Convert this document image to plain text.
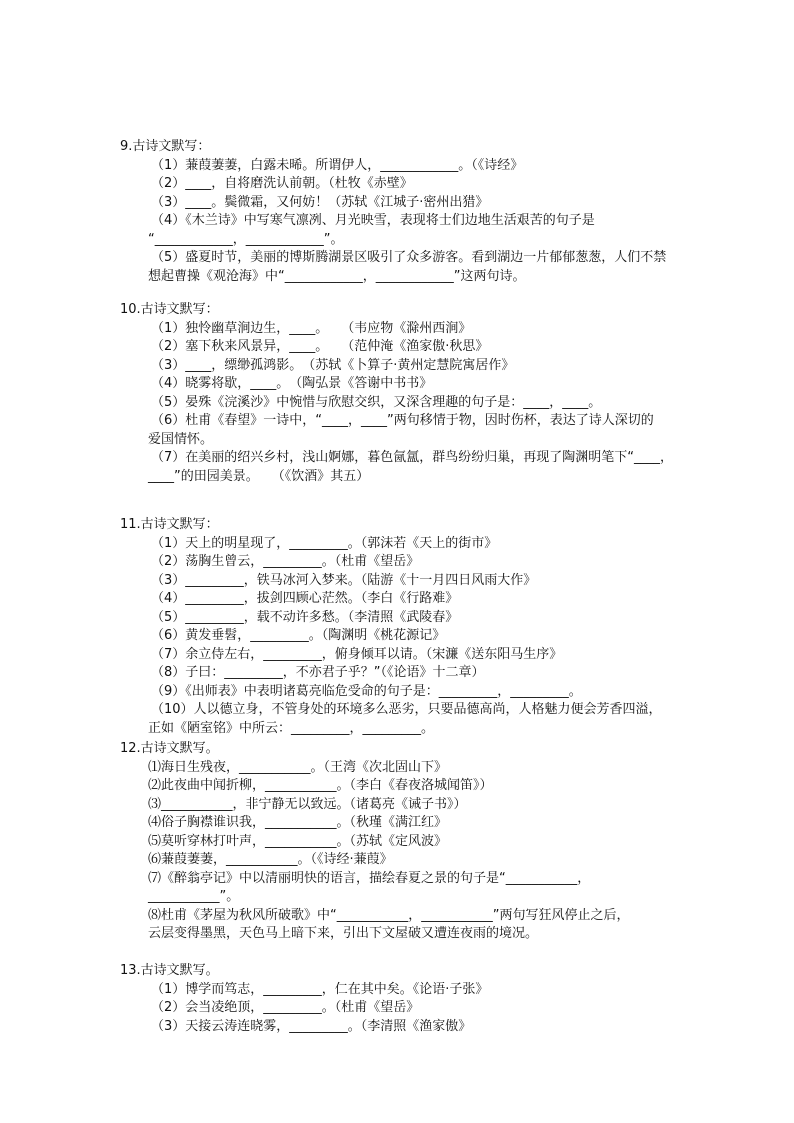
9.古诗文默写：
（1）蒹葭萋萋，白露未晞。所谓伊人，____________。（《诗经》
（2）____，自将磨洗认前朝。（杜牧《赤壁》
（3）____。鬓微霜，又何妨！（苏轼《江城子·密州出猎》
（4）《木兰诗》中写寒气凛冽、月光映雪，表现将士们边地生活艰苦的句子是
“____________，____________”。
（5）盛夏时节，美丽的博斯腾湖景区吸引了众多游客。看到湖边一片郁郁葱葱，人们不禁
想起曹操《观沧海》中“____________，____________”这两句诗。
10.古诗文默写：
（1）独怜幽草涧边生，____。　　（韦应物《滁州西涧》
（2）塞下秋来风景异，____。　　（范仲淹《渔家傲·秋思》
（3）____，缥缈孤鸿影。　（苏轼《卜算子·黄州定慧院寓居作》
（4）晓雾将歇，____。　（陶弘景《答谢中书书》
（5）晏殊《浣溪沙》中惋惜与欣慰交织，又深含理趣的句子是：____，____。
（6）杜甫《春望》一诗中，“____，____”两句移情于物，因时伤杯，表达了诗人深切的
爱国情怀。
（7）在美丽的绍兴乡村，浅山婀娜，暮色氤氲，群鸟纷纷归巢，再现了陶渊明笔下“____，
____”的田园美景。　　（《饮酒》其五）
11.古诗文默写：
（1）天上的明星现了，_________。（郭沫若《天上的街市》
（2）荡胸生曾云，_________。（杜甫《望岳》
（3）_________，铁马冰河入梦来。（陆游《十一月四日风雨大作》
（4）_________，拔剑四顾心茫然。（李白《行路难》
（5）_________，载不动许多愁。（李清照《武陵春》
（6）黄发垂髫，_________。（陶渊明《桃花源记》
（7）余立侍左右，_________，俯身倾耳以请。（宋濂《送东阳马生序》
（8）子曰：_________，不亦君子乎？”（《论语》十二章）
（9）《出师表》中表明诸葛亮临危受命的句子是：_________，_________。
（10）人以德立身，不管身处的环境多么恶劣，只要品德高尚，人格魅力便会芳香四溢，
正如《陋室铭》中所云：_________，_________。
12.古诗文默写。
⑴海日生残夜，___________。（王湾《次北固山下》
⑵此夜曲中闻折柳，___________。（李白《春夜洛城闻笛》）
⑶___________，非宁静无以致远。（诸葛亮《诫子书》）
⑷俗子胸襟谁识我，___________。（秋瑾《满江红》
⑸莫听穿林打叶声，___________。（苏轼《定风波》
⑹蒹葭萋萋，___________。（《诗经·蒹葭》
⑺《醉翁亭记》中以清丽明快的语言，描绘春夏之景的句子是“___________，
___________”。
⑻杜甫《茅屋为秋风所破歌》中“___________，___________”两句写狂风停止之后，
云层变得墨黑，天色马上暗下来，引出下文屋破又遭连夜雨的境况。
13.古诗文默写。
（1）博学而笃志，_________，仁在其中矣。《论语·子张》
（2）会当凌绝顶，_________。（杜甫《望岳》
（3）天接云涛连晓雾，_________。（李清照《渔家傲》
